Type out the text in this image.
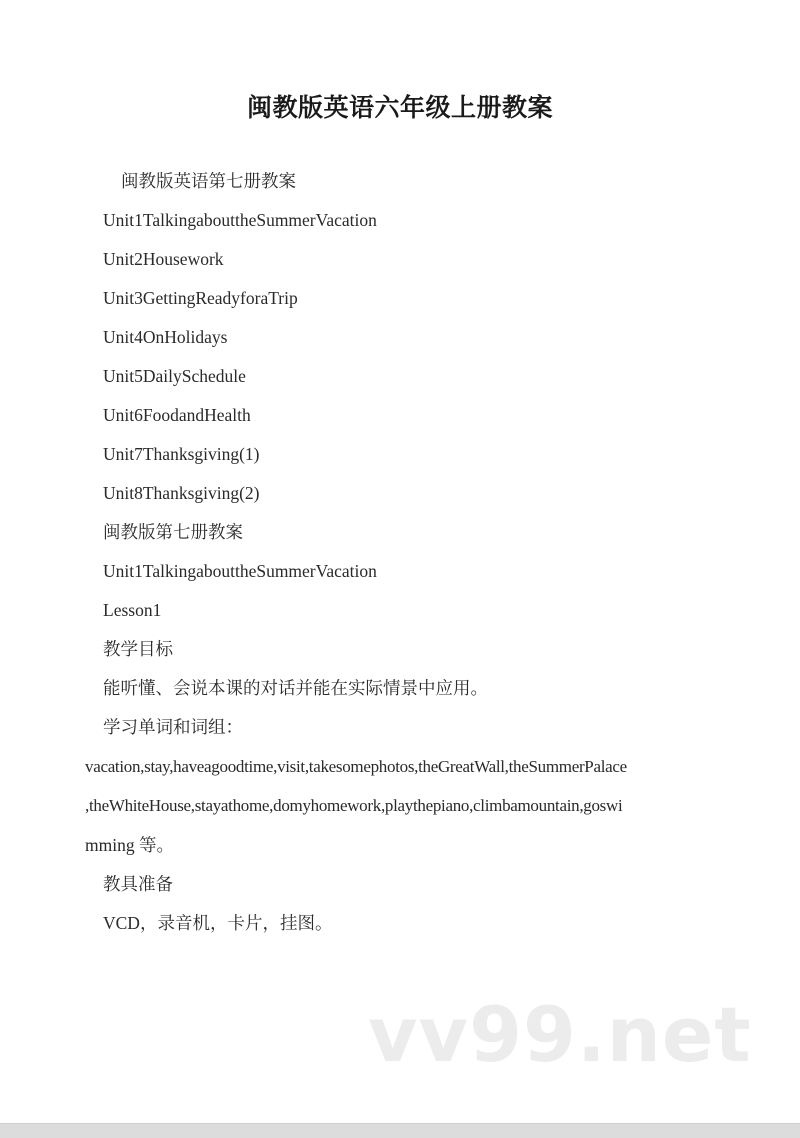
闽教版英语六年级上册教案
闽教版英语第七册教案
Unit1TalkingabouttheSummerVacation
Unit2Housework
Unit3GettingReadyforaTrip
Unit4OnHolidays
Unit5DailySchedule
Unit6FoodandHealth
Unit7Thanksgiving(1)
Unit8Thanksgiving(2)
闽教版第七册教案
Unit1TalkingabouttheSummerVacation
Lesson1
教学目标
能听懂、会说本课的对话并能在实际情景中应用。
学习单词和词组：
vacation,stay,haveagoodtime,visit,takesomephotos,theGreatWall,theSummerPalace
,theWhiteHouse,stayathome,domyhomework,playthepiano,climbamountain,goswi
mming 等。
教具准备
VCD，录音机，卡片，挂图。
vv99.net
